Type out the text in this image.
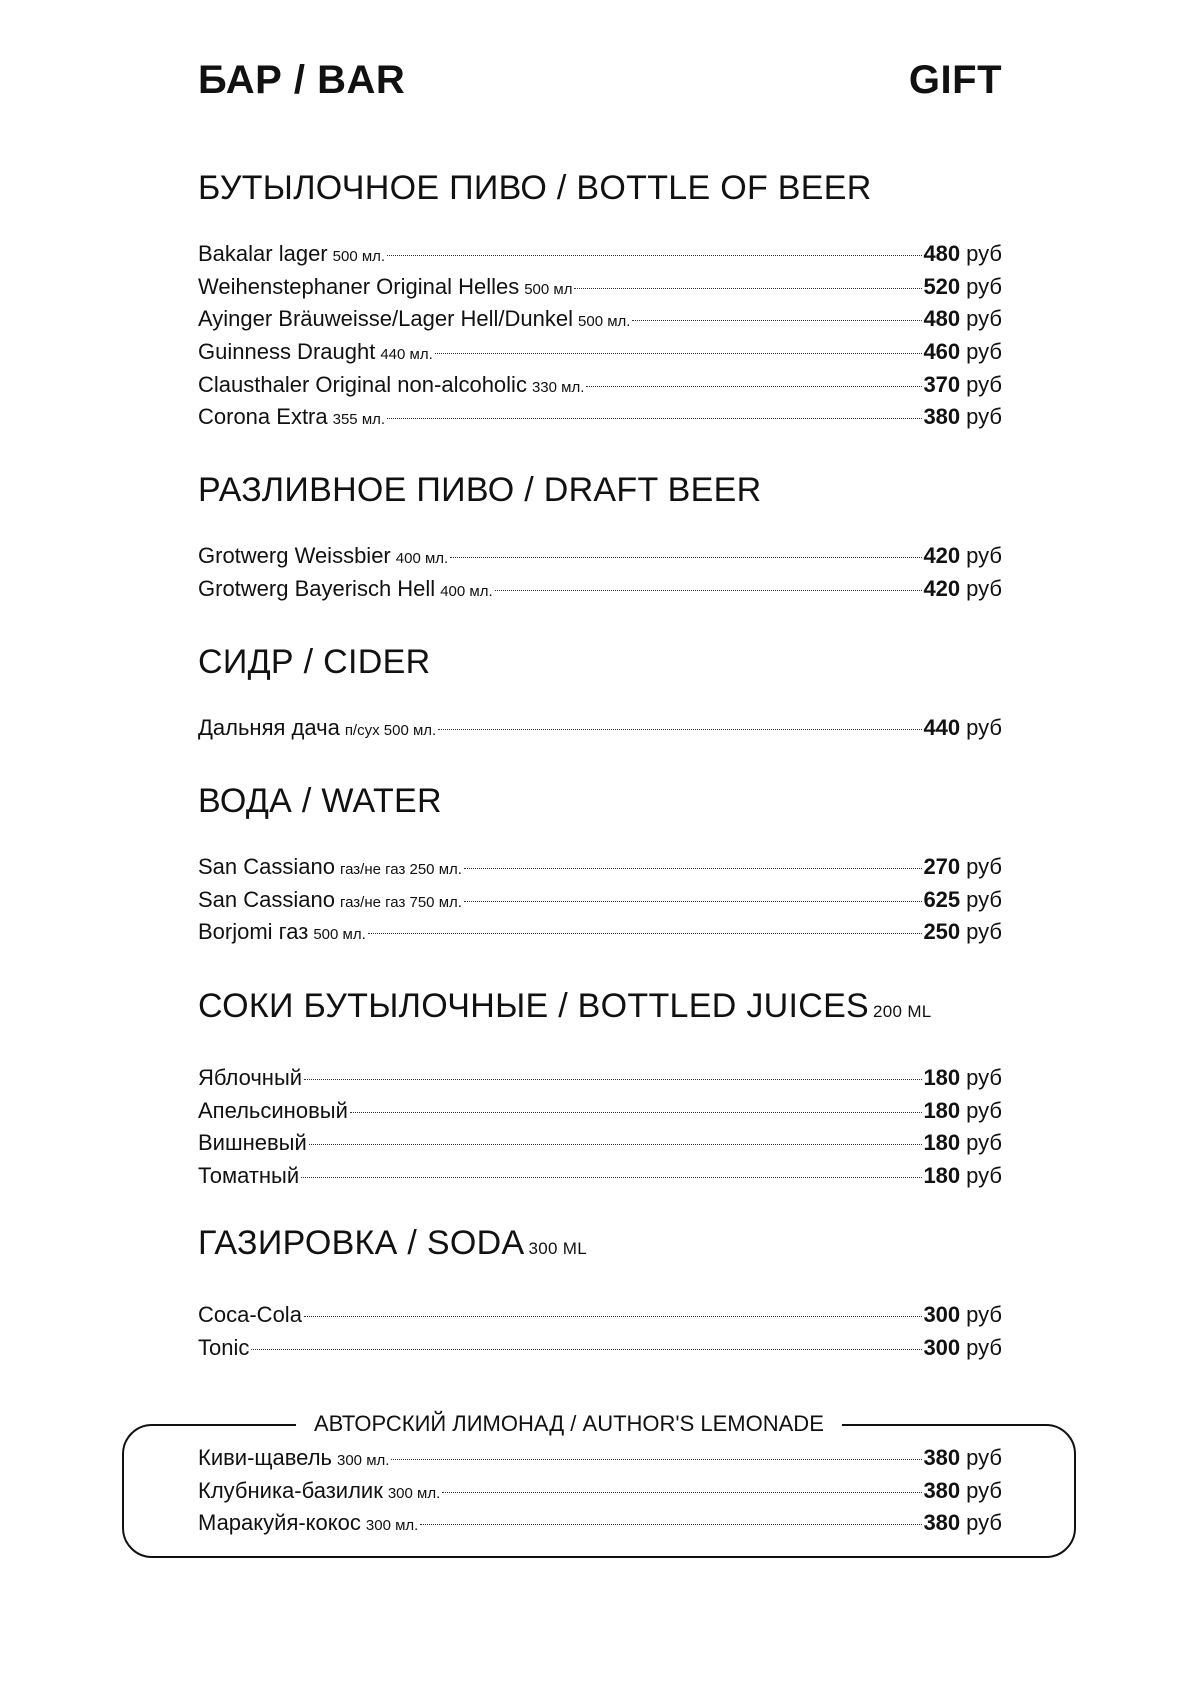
БАР / BAR	GIFT
БУТЫЛОЧНОЕ ПИВО / BOTTLE OF BEER
Bakalar lager 500 мл.	480 руб
Weihenstephaner Original Helles 500 мл	520 руб
Ayinger Bräuweisse/Lager Hell/Dunkel 500 мл.	480 руб
Guinness Draught 440 мл.	460 руб
Clausthaler Original non-alcoholic 330 мл.	370 руб
Corona Extra 355 мл.	380 руб
РАЗЛИВНОЕ ПИВО / DRAFT BEER
Grotwerg Weissbier 400 мл.	420 руб
Grotwerg Bayerisch Hell 400 мл.	420 руб
СИДР / CIDER
Дальняя дача п/сух 500 мл.	440 руб
ВОДА / WATER
San Cassiano газ/не газ 250 мл.	270 руб
San Cassiano газ/не газ 750 мл.	625 руб
Borjomi газ 500 мл.	250 руб
СОКИ БУТЫЛОЧНЫЕ / BOTTLED JUICES 200 ML
Яблочный	180 руб
Апельсиновый	180 руб
Вишневый	180 руб
Томатный	180 руб
ГАЗИРОВКА / SODA 300 ML
Coca-Cola	300 руб
Tonic	300 руб
АВТОРСКИЙ ЛИМОНАД / AUTHOR'S LEMONADE
Киви-щавель 300 мл.	380 руб
Клубника-базилик 300 мл.	380 руб
Маракуйя-кокос 300 мл.	380 руб
